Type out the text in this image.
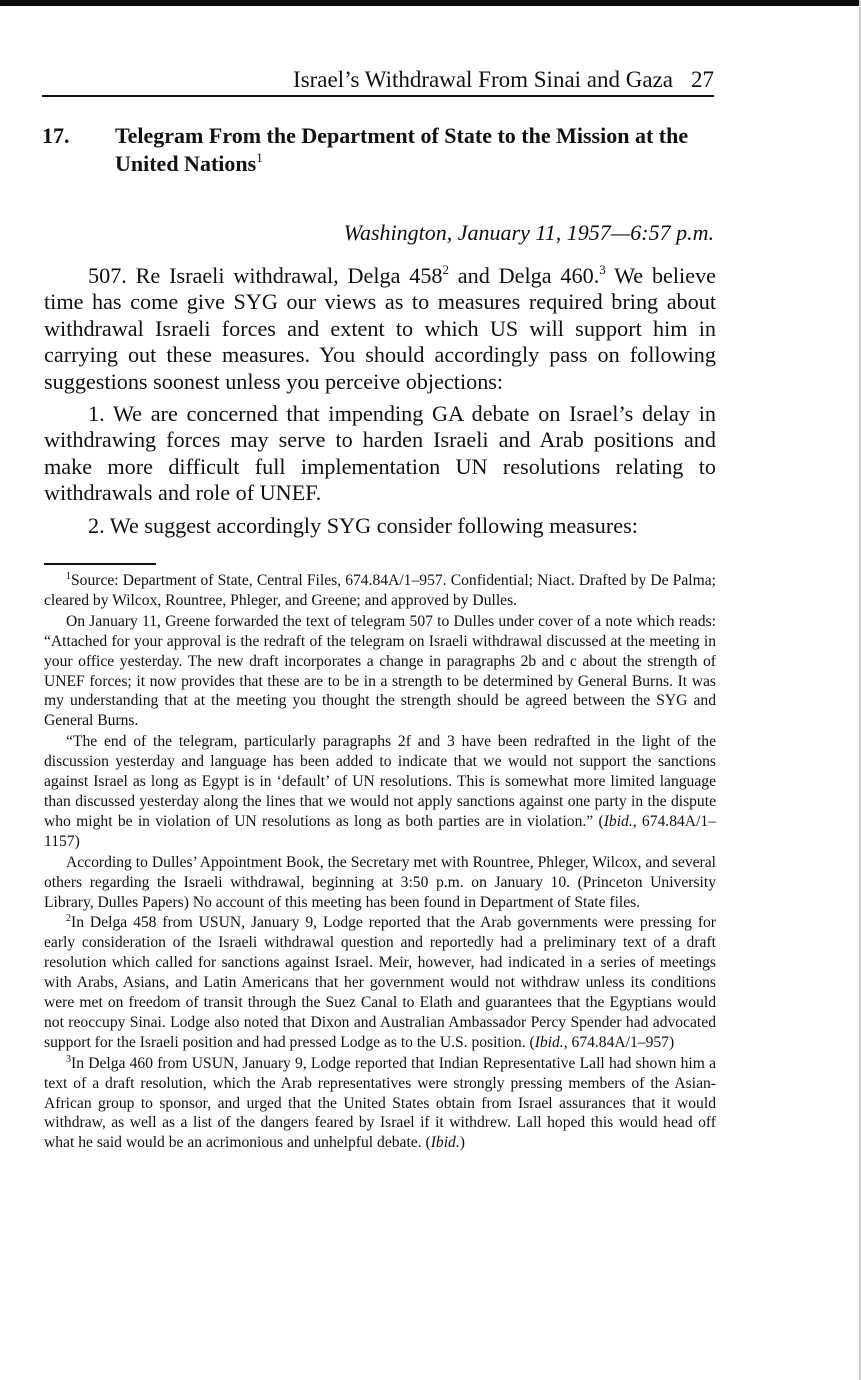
Israel’s Withdrawal From Sinai and Gaza 27
17. Telegram From the Department of State to the Mission at the United Nations$^1$
Washington, January 11, 1957—6:57 p.m.

507. Re Israeli withdrawal, Delga $458^2$ and Delga 460.$^3$ We believe time has come give SYG our views as to measures required bring about withdrawal Israeli forces and extent to which US will support him in carrying out these measures. You should accordingly pass on following suggestions soonest unless you perceive objections:

1. We are concerned that impending GA debate on Israel’s delay in withdrawing forces may serve to harden Israeli and Arab positions and make more difficult full implementation UN resolutions relating to withdrawals and role of UNEF.

2. We suggest accordingly SYG consider following measures:

$^1$Source: Department of State, Central Files, 674.84A/1–957. Confidential; Niact. Drafted by De Palma; cleared by Wilcox, Rountree, Phleger, and Greene; and approved by Dulles.

On January 11, Greene forwarded the text of telegram 507 to Dulles under cover of a note which reads: “Attached for your approval is the redraft of the telegram on Israeli withdrawal discussed at the meeting in your office yesterday. The new draft incorporates a change in paragraphs 2b and c about the strength of UNEF forces; it now provides that these are to be in a strength to be determined by General Burns. It was my understanding that at the meeting you thought the strength should be agreed between the SYG and General Burns.

“The end of the telegram, particularly paragraphs 2f and 3 have been redrafted in the light of the discussion yesterday and language has been added to indicate that we would not support the sanctions against Israel as long as Egypt is in ‘default’ of UN resolutions. This is somewhat more limited language than discussed yesterday along the lines that we would not apply sanctions against one party in the dispute who might be in violation of UN resolutions as long as both parties are in violation.” (Ibid., 674.84A/1–1157)

According to Dulles’ Appointment Book, the Secretary met with Rountree, Phleger, Wilcox, and several others regarding the Israeli withdrawal, beginning at 3:50 p.m. on January 10. (Princeton University Library, Dulles Papers) No account of this meeting has been found in Department of State files.

$^2$In Delga 458 from USUN, January 9, Lodge reported that the Arab governments were pressing for early consideration of the Israeli withdrawal question and reportedly had a preliminary text of a draft resolution which called for sanctions against Israel. Meir, however, had indicated in a series of meetings with Arabs, Asians, and Latin Americans that her government would not withdraw unless its conditions were met on freedom of transit through the Suez Canal to Elath and guarantees that the Egyptians would not reoccupy Sinai. Lodge also noted that Dixon and Australian Ambassador Percy Spender had advocated support for the Israeli position and had pressed Lodge as to the U.S. position. (Ibid., 674.84A/1–957)

$^3$In Delga 460 from USUN, January 9, Lodge reported that Indian Representative Lall had shown him a text of a draft resolution, which the Arab representatives were strongly pressing members of the Asian-African group to sponsor, and urged that the United States obtain from Israel assurances that it would withdraw, as well as a list of the dangers feared by Israel if it withdrew. Lall hoped this would head off what he said would be an acrimonious and unhelpful debate. (Ibid.)
